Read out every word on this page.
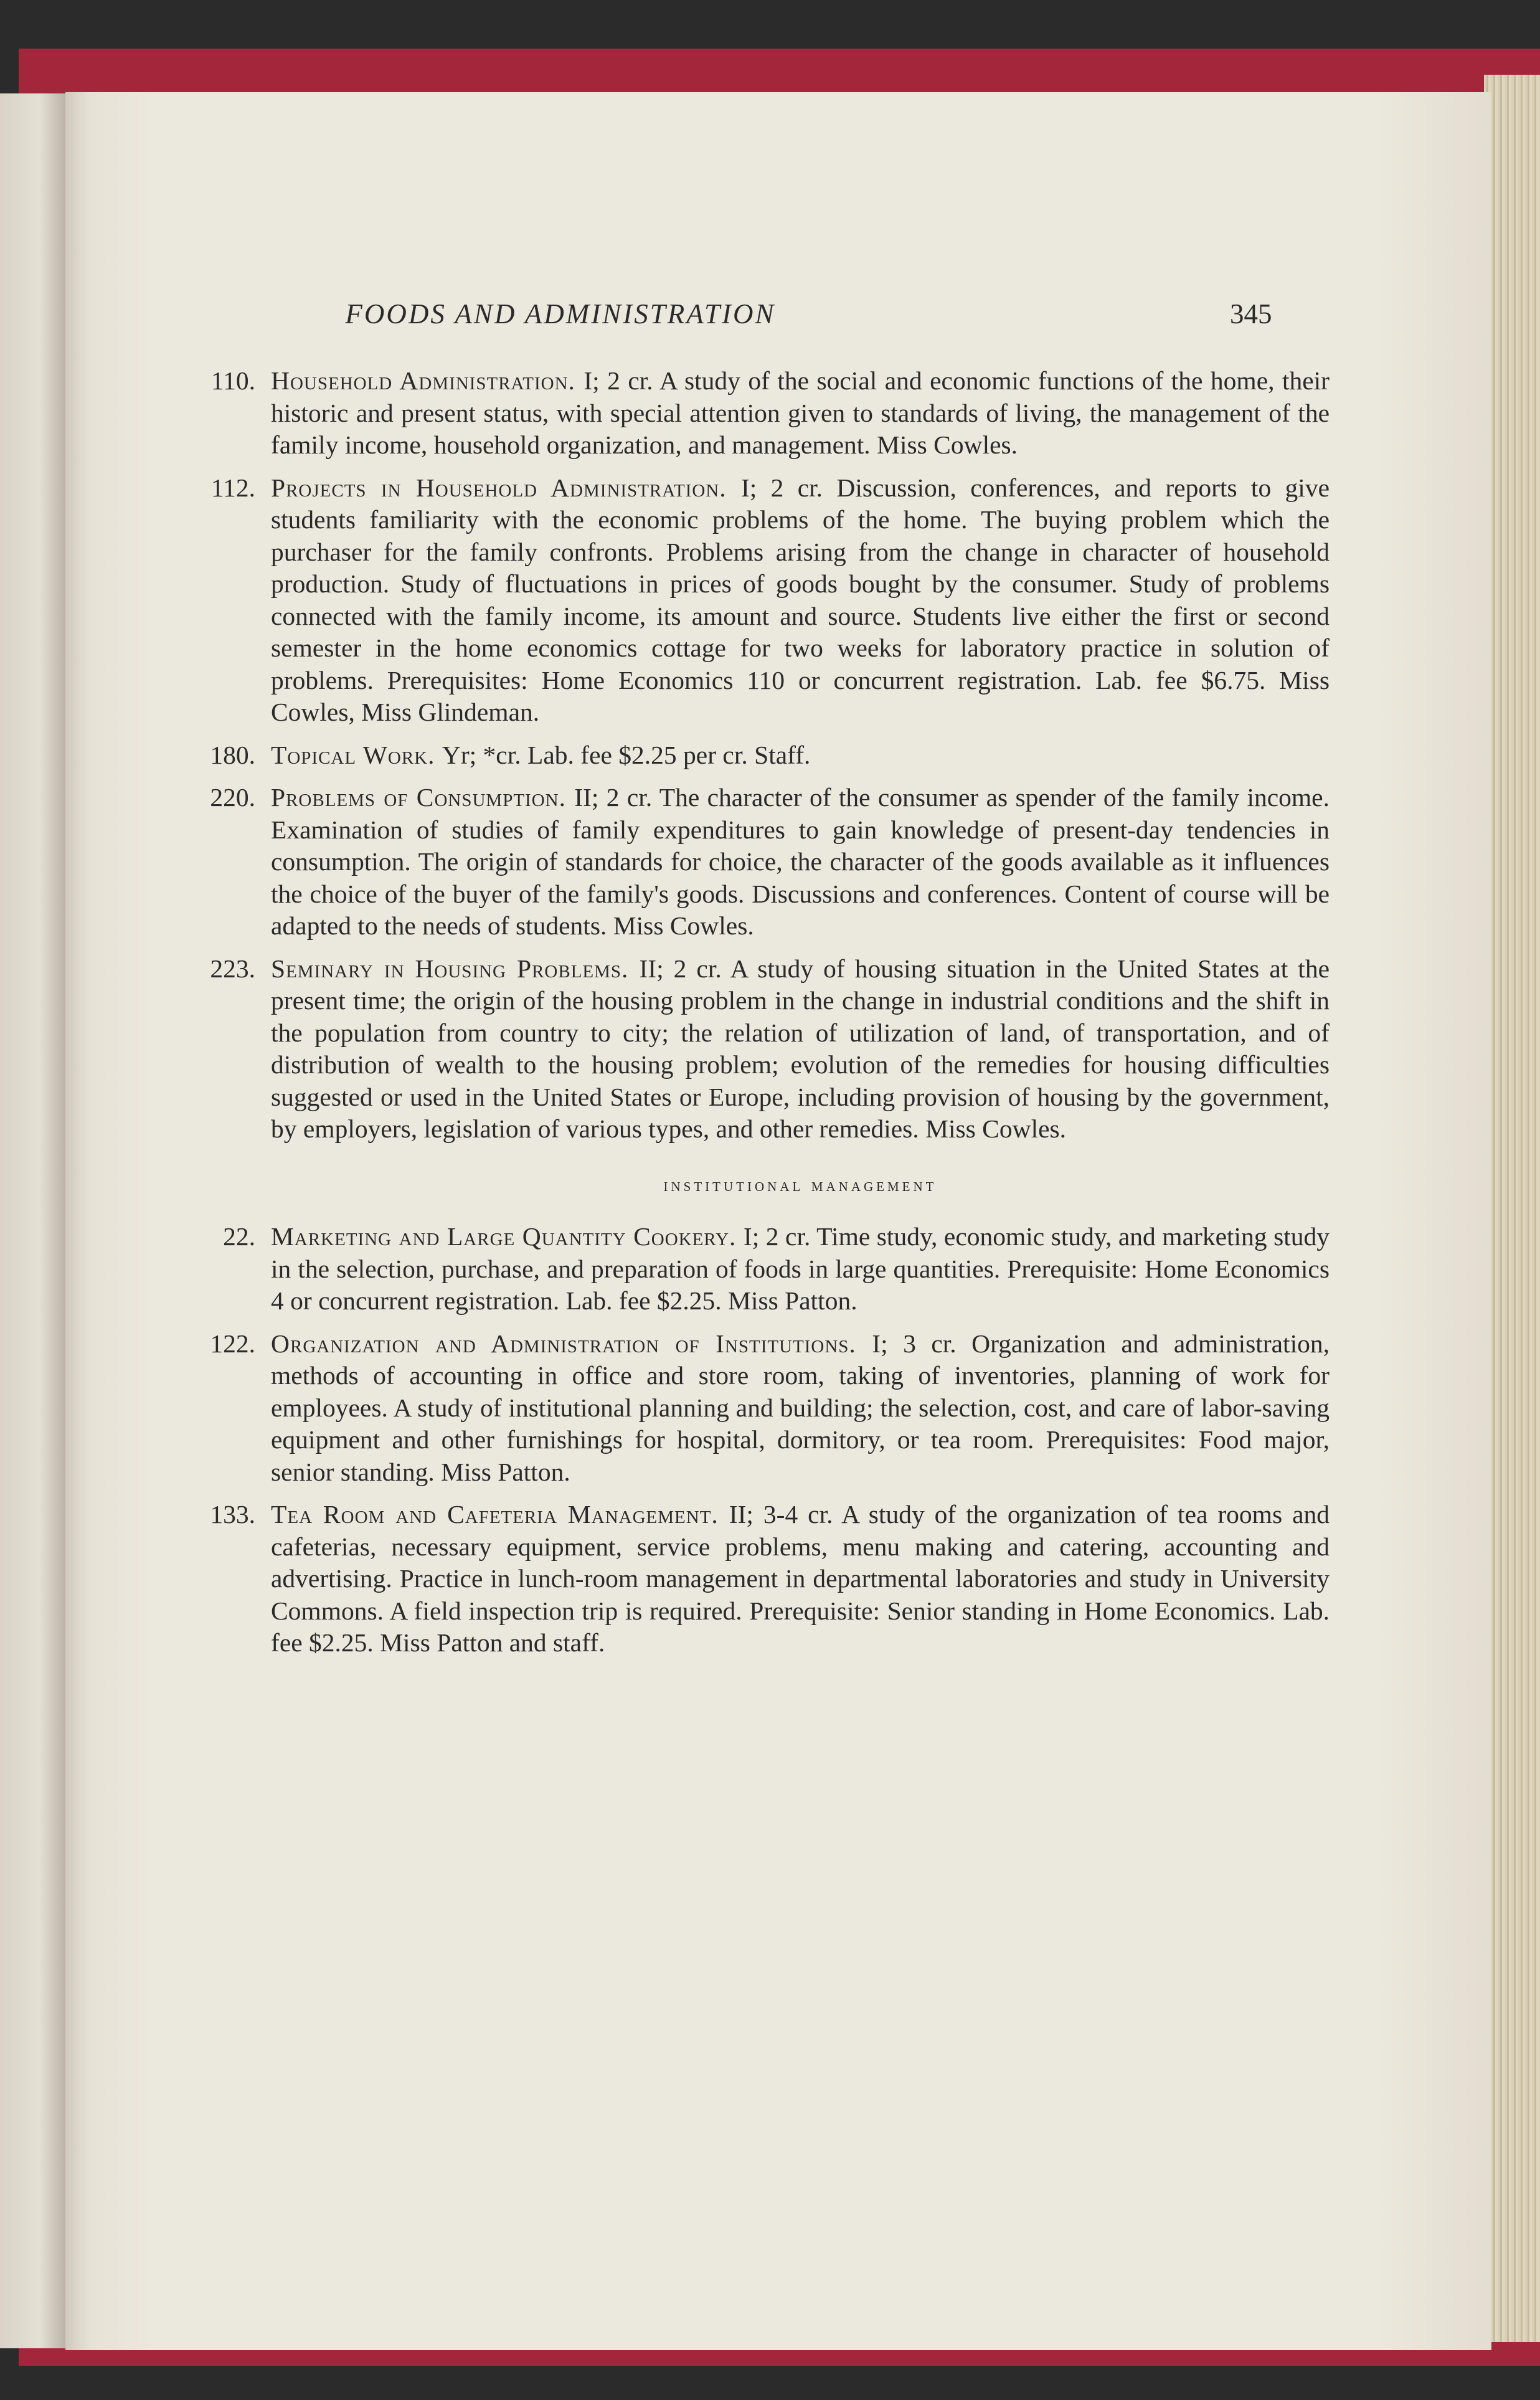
FOODS AND ADMINISTRATION	345
110. Household Administration. I; 2 cr. A study of the social and economic functions of the home, their historic and present status, with special attention given to standards of living, the management of the family income, household organization, and management. Miss Cowles.
112. Projects in Household Administration. I; 2 cr. Discussion, conferences, and reports to give students familiarity with the economic problems of the home. The buying problem which the purchaser for the family confronts. Problems arising from the change in character of household production. Study of fluctuations in prices of goods bought by the consumer. Study of problems connected with the family income, its amount and source. Students live either the first or second semester in the home economics cottage for two weeks for laboratory practice in solution of problems. Prerequisites: Home Economics 110 or concurrent registration. Lab. fee $6.75. Miss Cowles, Miss Glindeman.
180. Topical Work. Yr; *cr. Lab. fee $2.25 per cr. Staff.
220. Problems of Consumption. II; 2 cr. The character of the consumer as spender of the family income. Examination of studies of family expenditures to gain knowledge of present-day tendencies in consumption. The origin of standards for choice, the character of the goods available as it influences the choice of the buyer of the family's goods. Discussions and conferences. Content of course will be adapted to the needs of students. Miss Cowles.
223. Seminary in Housing Problems. II; 2 cr. A study of housing situation in the United States at the present time; the origin of the housing problem in the change in industrial conditions and the shift in the population from country to city; the relation of utilization of land, of transportation, and of distribution of wealth to the housing problem; evolution of the remedies for housing difficulties suggested or used in the United States or Europe, including provision of housing by the government, by employers, legislation of various types, and other remedies. Miss Cowles.
institutional management
22. Marketing and Large Quantity Cookery. I; 2 cr. Time study, economic study, and marketing study in the selection, purchase, and preparation of foods in large quantities. Prerequisite: Home Economics 4 or concurrent registration. Lab. fee $2.25. Miss Patton.
122. Organization and Administration of Institutions. I; 3 cr. Organization and administration, methods of accounting in office and store room, taking of inventories, planning of work for employees. A study of institutional planning and building; the selection, cost, and care of labor-saving equipment and other furnishings for hospital, dormitory, or tea room. Prerequisites: Food major, senior standing. Miss Patton.
133. Tea Room and Cafeteria Management. II; 3-4 cr. A study of the organization of tea rooms and cafeterias, necessary equipment, service problems, menu making and catering, accounting and advertising. Practice in lunch-room management in departmental laboratories and study in University Commons. A field inspection trip is required. Prerequisite: Senior standing in Home Economics. Lab. fee $2.25. Miss Patton and staff.
